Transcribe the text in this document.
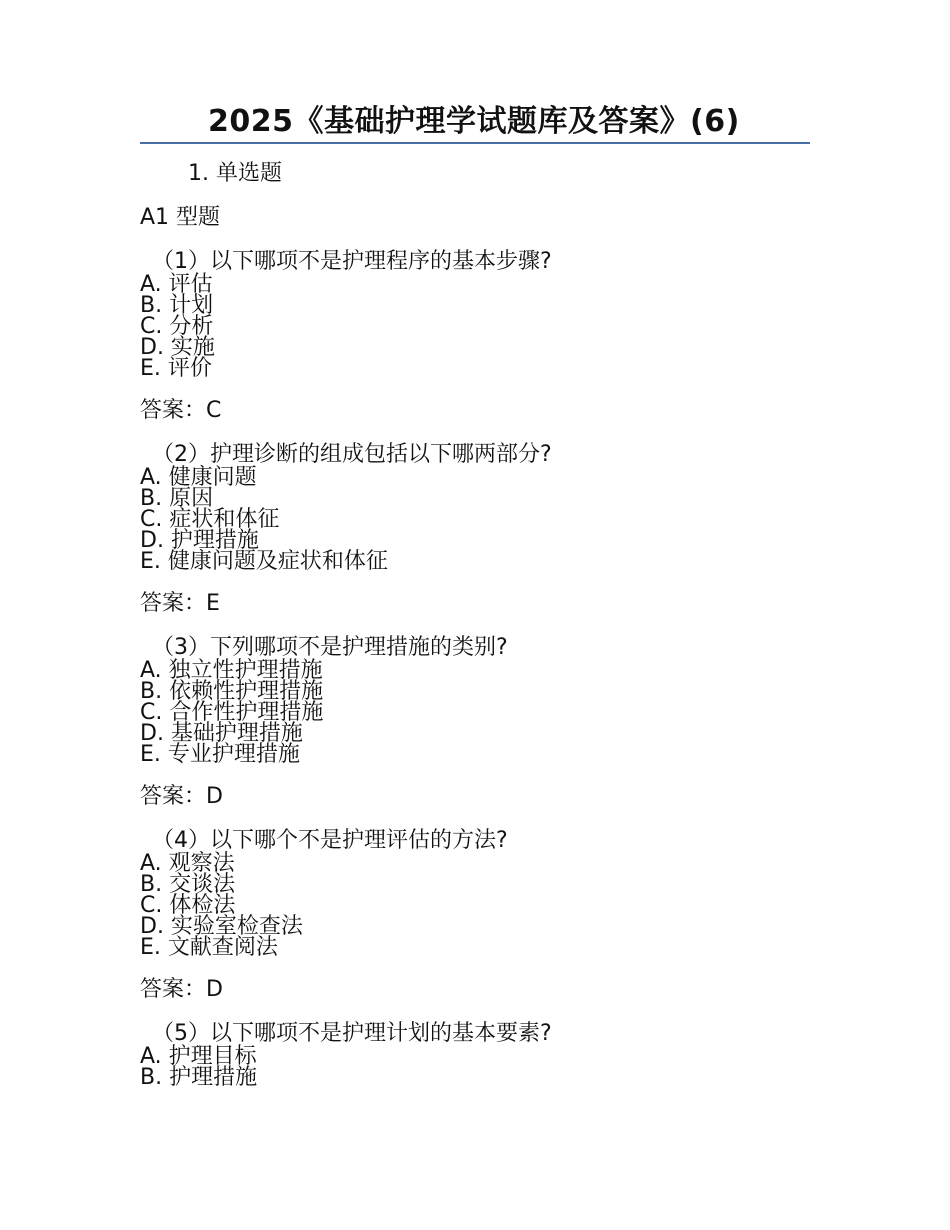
2025《基础护理学试题库及答案》(6)
1. 单选题
A1 型题
（1）以下哪项不是护理程序的基本步骤?
A. 评估
B. 计划
C. 分析
D. 实施
E. 评价
答案：C
（2）护理诊断的组成包括以下哪两部分?
A. 健康问题
B. 原因
C. 症状和体征
D. 护理措施
E. 健康问题及症状和体征
答案：E
（3）下列哪项不是护理措施的类别?
A. 独立性护理措施
B. 依赖性护理措施
C. 合作性护理措施
D. 基础护理措施
E. 专业护理措施
答案：D
（4）以下哪个不是护理评估的方法?
A. 观察法
B. 交谈法
C. 体检法
D. 实验室检查法
E. 文献查阅法
答案：D
（5）以下哪项不是护理计划的基本要素?
A. 护理目标
B. 护理措施
